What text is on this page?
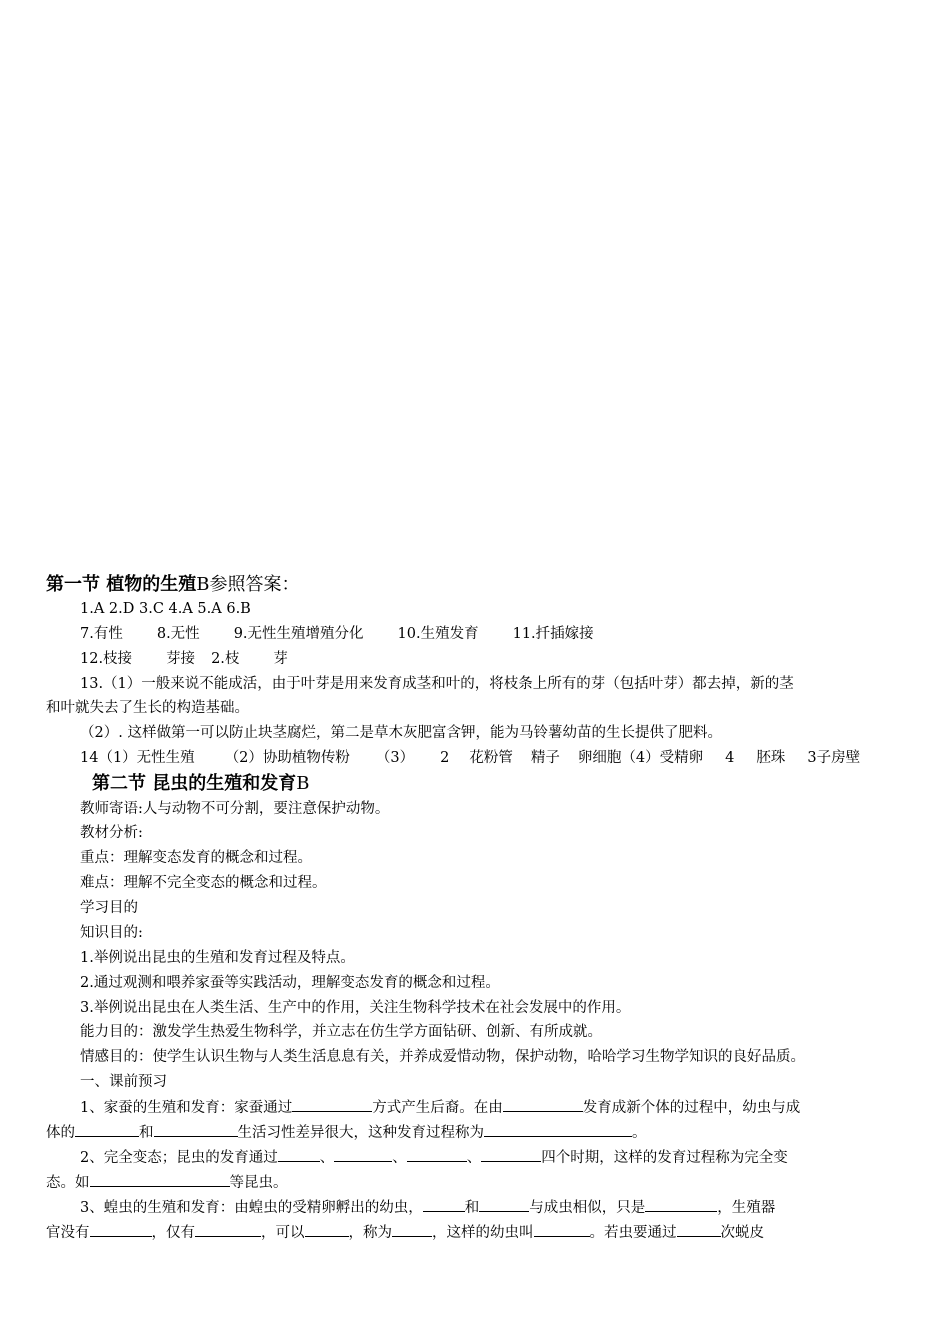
第一节 植物的生殖B参照答案：
1.A 2.D 3.C 4.A 5.A 6.B
7.有性 8.无性 9.无性生殖增殖分化 10.生殖发育 11.扦插嫁接
12.枝接 芽接 2.枝 芽
13.（1）一般来说不能成活，由于叶芽是用来发育成茎和叶的，将枝条上所有的芽（包括叶芽）都去掉，新的茎
和叶就失去了生长的构造基础。
（2）. 这样做第一可以防止块茎腐烂，第二是草木灰肥富含钾，能为马铃薯幼苗的生长提供了肥料。
14（1）无性生殖 （2）协助植物传粉 （3） 2 花粉管 精子 卵细胞（4）受精卵 4 胚珠 3子房壁
第二节 昆虫的生殖和发育B
教师寄语:人与动物不可分割，要注意保护动物。
教材分析:
重点：理解变态发育的概念和过程。
难点：理解不完全变态的概念和过程。
学习目的
知识目的:
1.举例说出昆虫的生殖和发育过程及特点。
2.通过观测和喂养家蚕等实践活动，理解变态发育的概念和过程。
3.举例说出昆虫在人类生活、生产中的作用，关注生物科学技术在社会发展中的作用。
能力目的：激发学生热爱生物科学，并立志在仿生学方面钻研、创新、有所成就。
情感目的：使学生认识生物与人类生活息息有关，并养成爱惜动物，保护动物，哈哈学习生物学知识的良好品质。
一、课前预习
1、家蚕的生殖和发育：家蚕通过	方式产生后裔。在由	发育成新个体的过程中，幼虫与成
体的	和	生活习性差异很大，这种发育过程称为	。
2、完全变态；昆虫的发育通过	、	、	、	四个时期，这样的发育过程称为完全变
态。如	等昆虫。
3、蝗虫的生殖和发育：由蝗虫的受精卵孵出的幼虫，	和	与成虫相似，只是	，生殖器
官没有	，仅有	，可以	，称为	，这样的幼虫叫	。若虫要通过	次蜕皮
